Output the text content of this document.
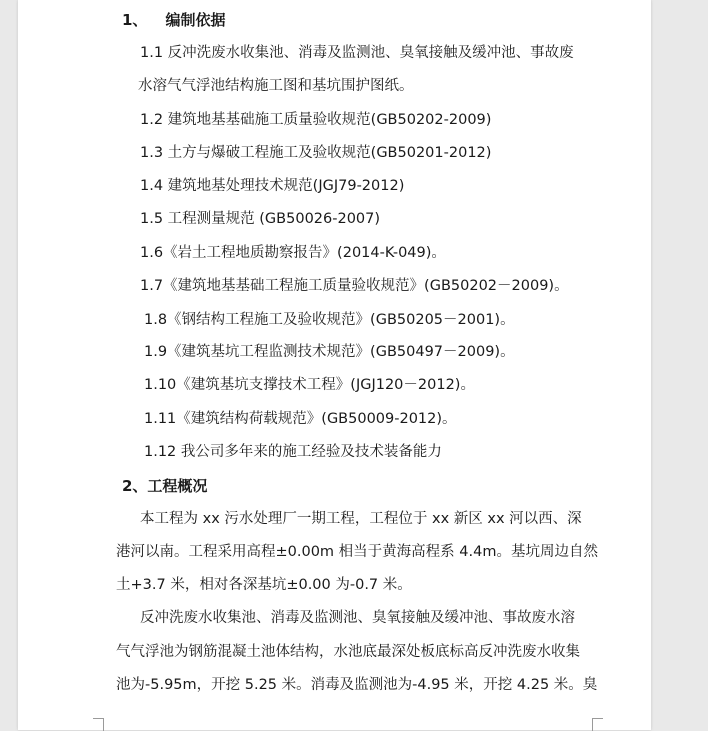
1、 编制依据
1.1 反冲洗废水收集池、消毒及监测池、臭氧接触及缓冲池、事故废
水溶气气浮池结构施工图和基坑围护图纸。
1.2 建筑地基基础施工质量验收规范(GB50202-2009)
1.3 土方与爆破工程施工及验收规范(GB50201-2012)
1.4 建筑地基处理技术规范(JGJ79-2012)
1.5 工程测量规范 (GB50026-2007)
1.6《岩土工程地质勘察报告》(2014-K-049)。
1.7《建筑地基基础工程施工质量验收规范》(GB50202－2009)。
1.8《钢结构工程施工及验收规范》(GB50205－2001)。
1.9《建筑基坑工程监测技术规范》(GB50497－2009)。
1.10《建筑基坑支撑技术工程》(JGJ120－2012)。
1.11《建筑结构荷载规范》(GB50009-2012)。
1.12 我公司多年来的施工经验及技术装备能力
2、工程概况
本工程为 xx 污水处理厂一期工程，工程位于 xx 新区 xx 河以西、深
港河以南。工程采用高程±0.00m 相当于黄海高程系 4.4m。基坑周边自然
土+3.7 米，相对各深基坑±0.00 为-0.7 米。
反冲洗废水收集池、消毒及监测池、臭氧接触及缓冲池、事故废水溶
气气浮池为钢筋混凝土池体结构，水池底最深处板底标高反冲洗废水收集
池为-5.95m，开挖 5.25 米。消毒及监测池为-4.95 米，开挖 4.25 米。臭
